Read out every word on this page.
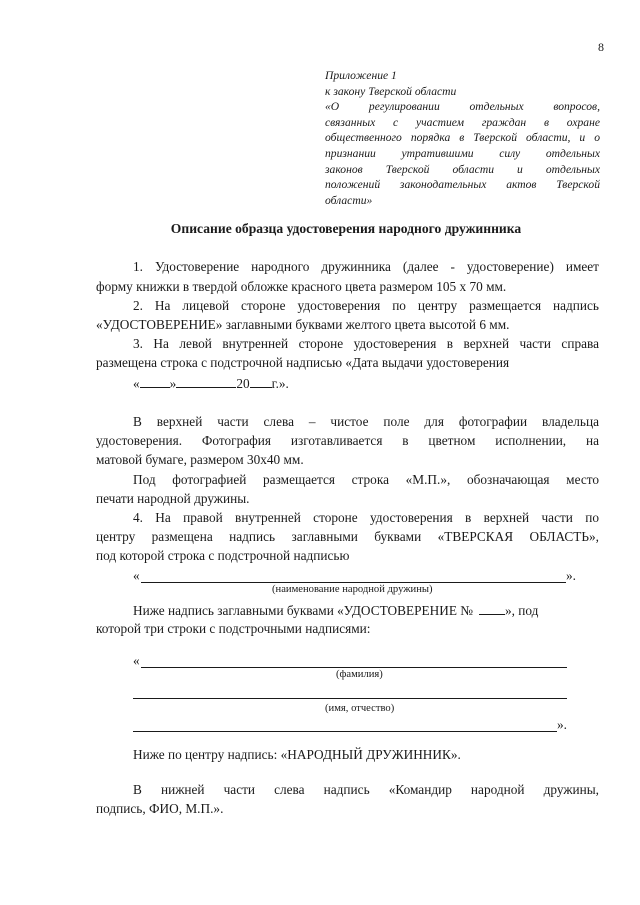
8
Приложение 1
к закону Тверской области
«О регулировании отдельных вопросов,
связанных с участием граждан в охране
общественного порядка в Тверской области, и о
признании утратившими силу отдельных
законов Тверской области и отдельных
положений законодательных актов Тверской
области»
Описание образца удостоверения народного дружинника
1. Удостоверение народного дружинника (далее - удостоверение) имеет
форму книжки в твердой обложке красного цвета размером 105 х 70 мм.
2. На лицевой стороне удостоверения по центру размещается надпись
«УДОСТОВЕРЕНИЕ» заглавными буквами желтого цвета высотой 6 мм.
3. На левой внутренней стороне удостоверения в верхней части справа
размещена строка с подстрочной надписью «Дата выдачи удостоверения
« »	20 г.».
В верхней части слева – чистое поле для фотографии владельца
удостоверения. Фотография изготавливается в цветном исполнении, на
матовой бумаге, размером 30х40 мм.
Под фотографией размещается строка «М.П.», обозначающая место
печати народной дружины.
4. На правой внутренней стороне удостоверения в верхней части по
центру размещена надпись заглавными буквами «ТВЕРСКАЯ ОБЛАСТЬ»,
под которой строка с подстрочной надписью
«	».
(наименование народной дружины)
Ниже надпись заглавными буквами «УДОСТОВЕРЕНИЕ № », под
которой три строки с подстрочными надписями:
«
(фамилия)
(имя, отчество)
».
Ниже по центру надпись: «НАРОДНЫЙ ДРУЖИННИК».
В нижней части слева надпись «Командир народной дружины,
подпись, ФИО, М.П.».
